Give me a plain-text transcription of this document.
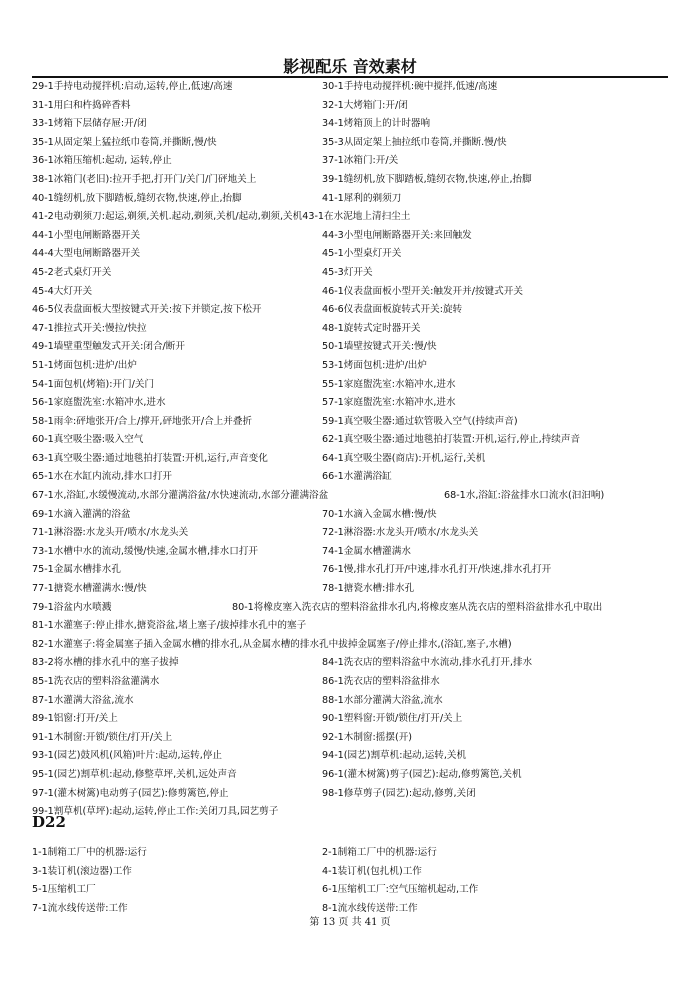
影视配乐 音效素材
29-1手持电动搅拌机:启动,运转,停止,低速/高速	30-1手持电动搅拌机:碗中搅拌,低速/高速
31-1用臼和杵捣碎香料	32-1大烤箱门:开/闭
33-1烤箱下层储存屉:开/闭	34-1烤箱顶上的计时器响
35-1从固定架上猛拉纸巾卷筒,并撕断,慢/快	35-3从固定架上抽拉纸巾卷筒,并撕断.慢/快
36-1冰箱压缩机:起动, 运转,停止	37-1冰箱门:开/关
38-1冰箱门(老旧):拉开手把,打开门/关门/门砰地关上	39-1缝纫机,放下脚踏板,缝纫衣物,快速,停止,抬脚
40-1缝纫机,放下脚踏板,缝纫衣物,快速,停止,抬脚	41-1犀利的剃须刀
41-2电动剃须刀:起运,剃须,关机.起动,剃须,关机/起动,剃须,关机43-1在水泥地上清扫尘土
44-1小型电闸断路器开关	44-3小型电闸断路器开关:来回触发
44-4大型电闸断路器开关	45-1小型桌灯开关
45-2老式桌灯开关	45-3灯开关
45-4大灯开关	46-1仪表盘面板小型开关:触发开并/按键式开关
46-5仪表盘面板大型按键式开关:按下并锁定,按下松开	46-6仪表盘面板旋转式开关:旋转
47-1推拉式开关:慢拉/快拉	48-1旋转式定时器开关
49-1墙壁重型触发式开关:闭合/断开	50-1墙壁按键式开关:慢/快
51-1烤面包机:进炉/出炉	53-1烤面包机:进炉/出炉
54-1面包机(烤箱):开门/关门	55-1家庭盥洗室:水箱冲水,进水
56-1家庭盥洗室:水箱冲水,进水	57-1家庭盥洗室:水箱冲水,进水
58-1雨伞:砰地张开/合上/撑开,砰地张开/合上并叠折	59-1真空吸尘器:通过软管吸入空气(持续声音)
60-1真空吸尘器:吸入空气	62-1真空吸尘器:通过地毯拍打装置:开机,运行,停止,持续声音
63-1真空吸尘器:通过地毯拍打装置:开机,运行,声音变化	64-1真空吸尘器(商店):开机,运行,关机
65-1水在水缸内流动,排水口打开	66-1水灌满浴缸
67-1水,浴缸,水缓慢流动,水部分灌满浴盆/水快速流动,水部分灌满浴盆	68-1水,浴缸:浴盆排水口流水(汩汩响)
69-1水滴入灌满的浴盆	70-1水滴入金属水槽:慢/快
71-1淋浴器:水龙头开/喷水/水龙头关	72-1淋浴器:水龙头开/喷水/水龙头关
73-1水槽中水的流动,缓慢/快速,金属水槽,排水口打开	74-1金属水槽灌满水
75-1金属水槽排水孔	76-1慢,排水孔打开/中速,排水孔打开/快速,排水孔打开
77-1搪瓷水槽灌满水:慢/快	78-1搪瓷水槽:排水孔
79-1浴盆内水喷溅	80-1将橡皮塞入洗衣店的塑料浴盆排水孔内,将橡皮塞从洗衣店的塑料浴盆排水孔中取出
81-1水灌塞子:停止排水,搪瓷浴盆,堵上塞子/拔掉排水孔中的塞子
82-1水灌塞子:将金属塞子插入金属水槽的排水孔,从金属水槽的排水孔中拔掉金属塞子/停止排水,(浴缸,塞子,水槽)
83-2将水槽的排水孔中的塞子拔掉	84-1洗衣店的塑料浴盆中水流动,排水孔打开,排水
85-1洗衣店的塑料浴盆灌满水	86-1洗衣店的塑料浴盆排水
87-1水灌满大浴盆,流水	88-1水部分灌满大浴盆,流水
89-1铝窗:打开/关上	90-1塑料窗:开锁/锁住/打开/关上
91-1木制窗:开锁/锁住/打开/关上	92-1木制窗:摇摆(开)
93-1(园艺)鼓风机(风箱)叶片:起动,运转,停止	94-1(园艺)割草机:起动,运转,关机
95-1(园艺)割草机:起动,修整草坪,关机,远处声音	96-1(灌木树篱)剪子(园艺):起动,修剪篱笆,关机
97-1(灌木树篱)电动剪子(园艺):修剪篱笆,停止	98-1修草剪子(园艺):起动,修剪,关闭
99-1割草机(草坪):起动,运转,停止工作:关闭刀具,园艺剪子
D22
1-1制箱工厂中的机器:运行	2-1制箱工厂中的机器:运行
3-1装订机(滚边器)工作	4-1装订机(包扎机)工作
5-1压缩机工厂	6-1压缩机工厂:空气压缩机起动,工作
7-1流水线传送带:工作	8-1流水线传送带:工作
第 13 页 共 41 页
